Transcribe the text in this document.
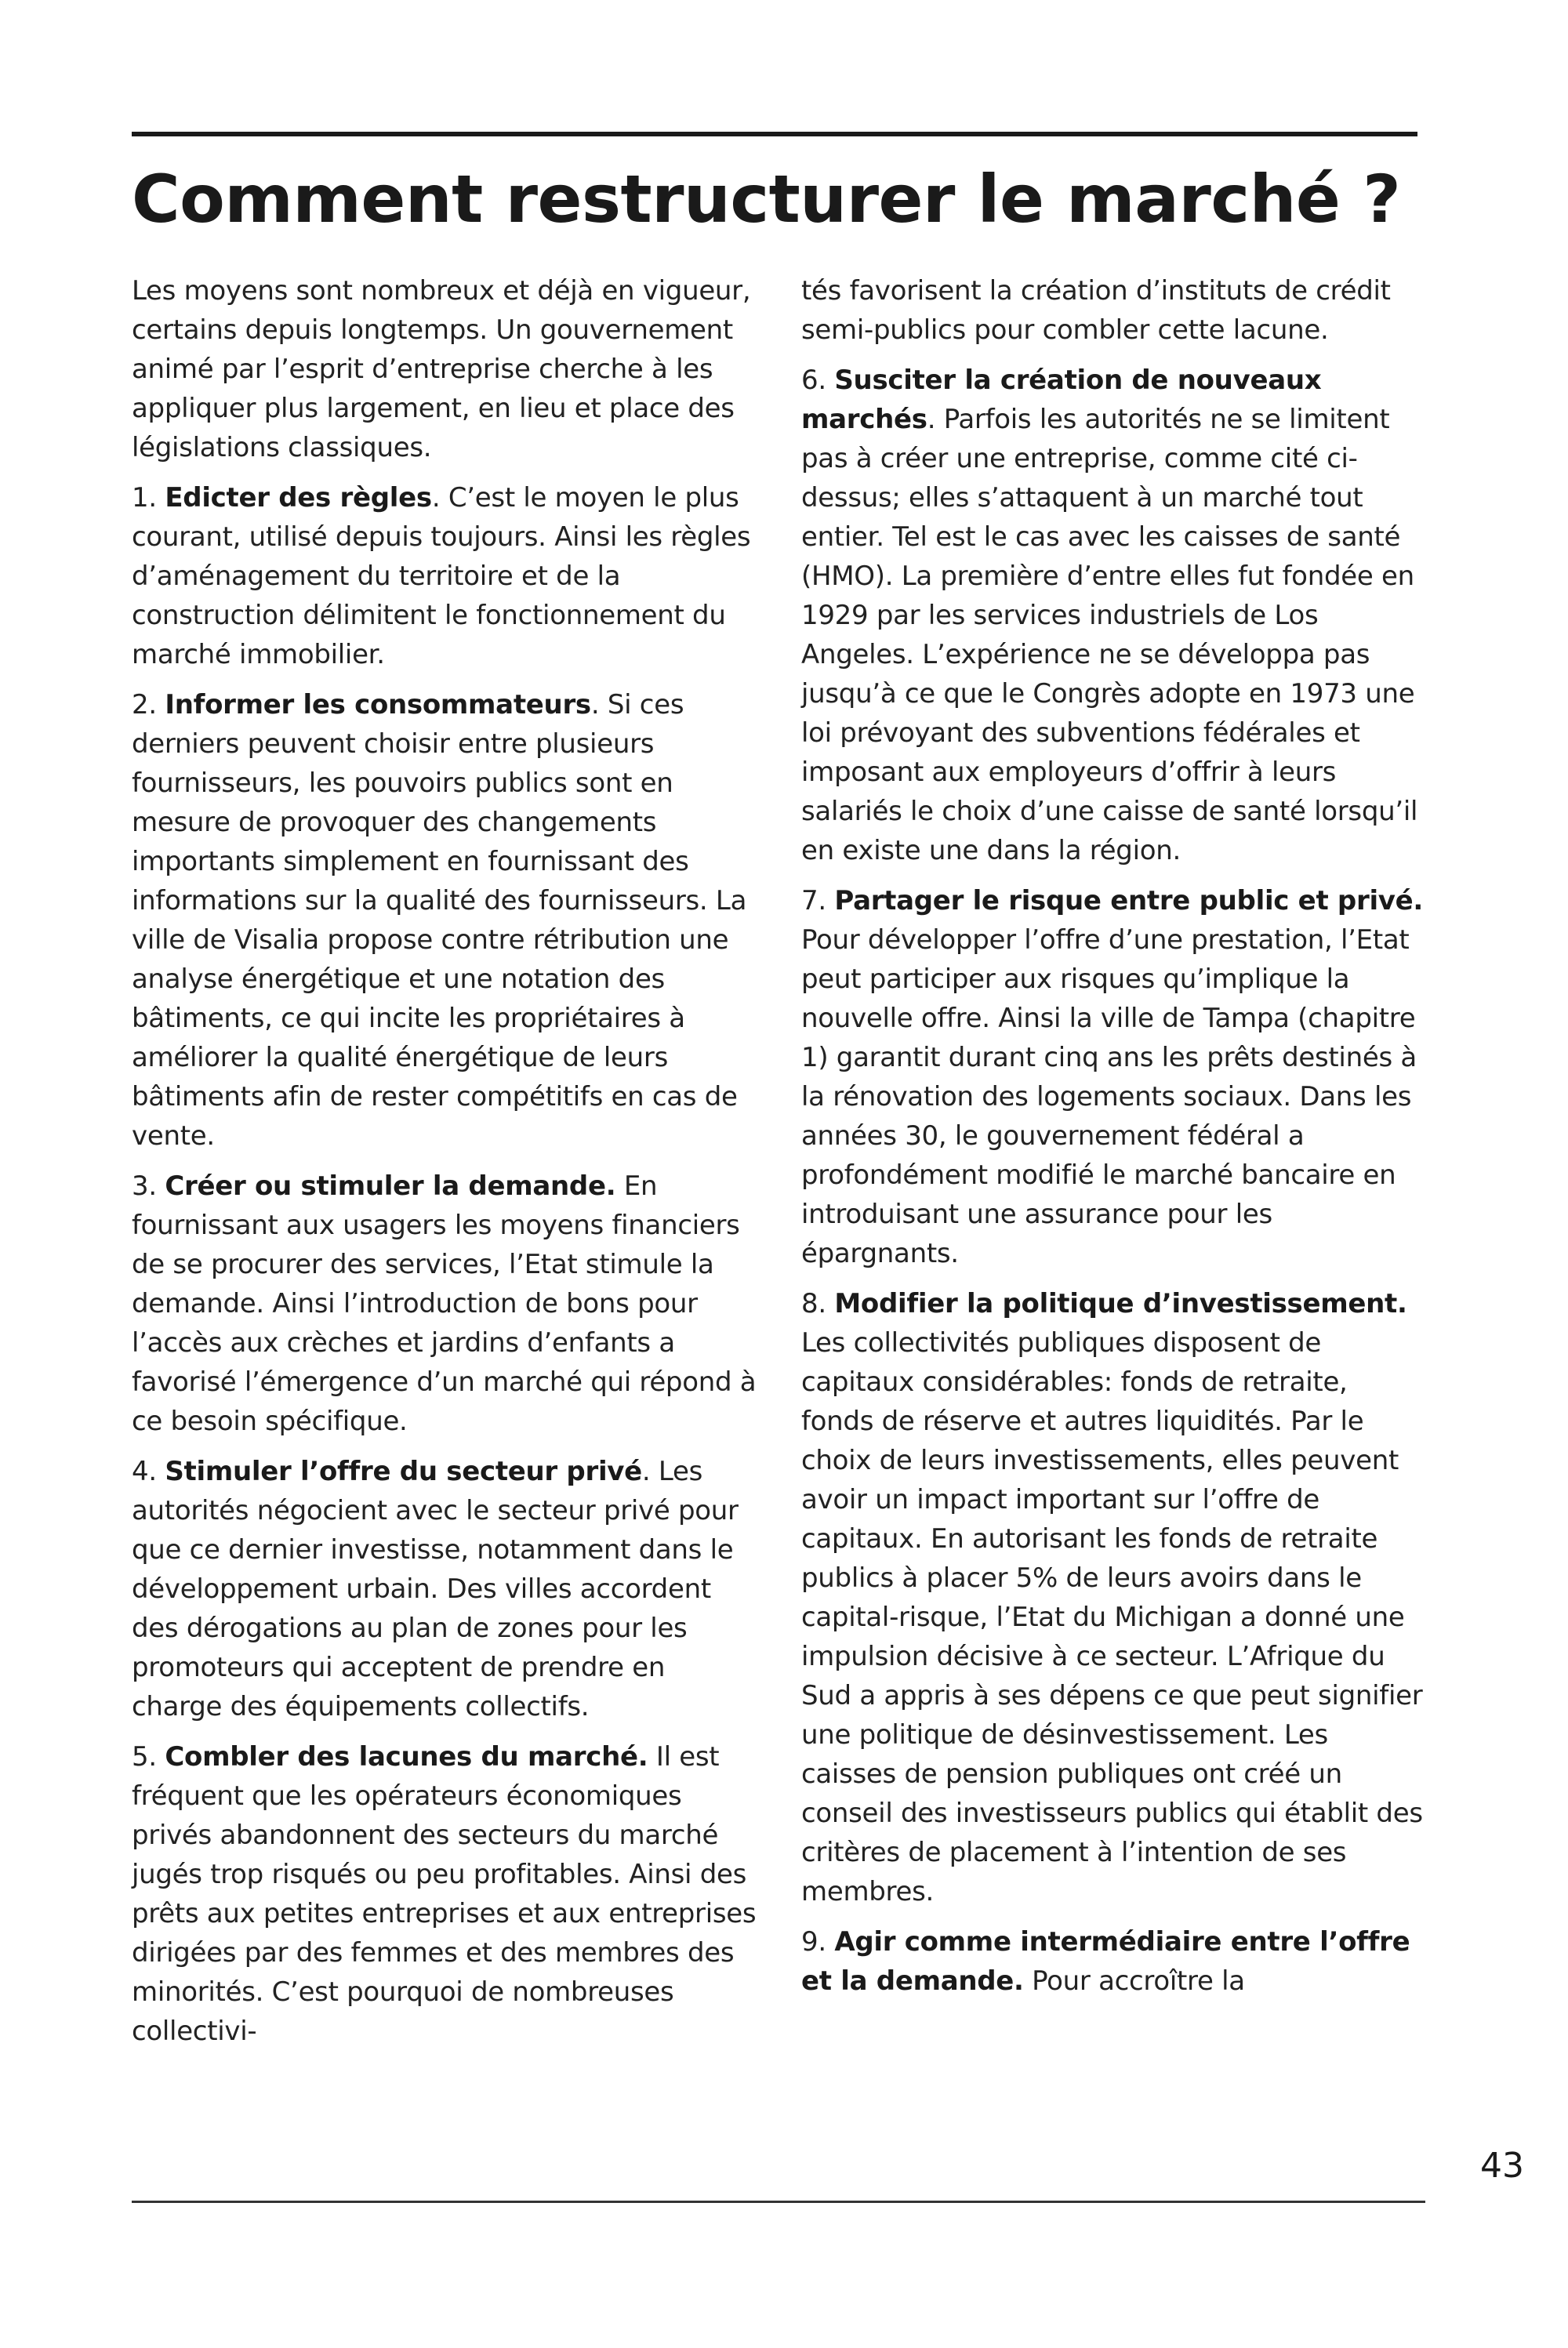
Comment restructurer le marché ?

Les moyens sont nombreux et déjà en vigueur, certains depuis longtemps. Un gouvernement animé par l’esprit d’entreprise cherche à les appliquer plus largement, en lieu et place des législations classiques.

1. Edicter des règles. C’est le moyen le plus courant, utilisé depuis toujours. Ainsi les règles d’aménagement du territoire et de la construction délimitent le fonctionnement du marché immobilier.

2. Informer les consommateurs. Si ces derniers peuvent choisir entre plusieurs fournisseurs, les pouvoirs publics sont en mesure de provoquer des changements importants simplement en fournissant des informations sur la qualité des fournisseurs. La ville de Visalia propose contre rétribution une analyse énergétique et une notation des bâtiments, ce qui incite les propriétaires à améliorer la qualité énergétique de leurs bâtiments afin de rester compétitifs en cas de vente.

3. Créer ou stimuler la demande. En fournissant aux usagers les moyens financiers de se procurer des services, l’Etat stimule la demande. Ainsi l’introduction de bons pour l’accès aux crèches et jardins d’enfants a favorisé l’émergence d’un marché qui répond à ce besoin spécifique.

4. Stimuler l’offre du secteur privé. Les autorités négocient avec le secteur privé pour que ce dernier investisse, notamment dans le développement urbain. Des villes accordent des dérogations au plan de zones pour les promoteurs qui acceptent de prendre en charge des équipements collectifs.

5. Combler des lacunes du marché. Il est fréquent que les opérateurs économiques privés abandonnent des secteurs du marché jugés trop risqués ou peu profitables. Ainsi des prêts aux petites entreprises et aux entreprises dirigées par des femmes et des membres des minorités. C’est pourquoi de nombreuses collectivi-

tés favorisent la création d’instituts de crédit semi-publics pour combler cette lacune.

6. Susciter la création de nouveaux marchés. Parfois les autorités ne se limitent pas à créer une entreprise, comme cité ci-dessus; elles s’attaquent à un marché tout entier. Tel est le cas avec les caisses de santé (HMO). La première d’entre elles fut fondée en 1929 par les services industriels de Los Angeles. L’expérience ne se développa pas jusqu’à ce que le Congrès adopte en 1973 une loi prévoyant des subventions fédérales et imposant aux employeurs d’offrir à leurs salariés le choix d’une caisse de santé lorsqu’il en existe une dans la région.

7. Partager le risque entre public et privé. Pour développer l’offre d’une prestation, l’Etat peut participer aux risques qu’implique la nouvelle offre. Ainsi la ville de Tampa (chapitre 1) garantit durant cinq ans les prêts destinés à la rénovation des logements sociaux. Dans les années 30, le gouvernement fédéral a profondément modifié le marché bancaire en introduisant une assurance pour les épargnants.

8. Modifier la politique d’investissement. Les collectivités publiques disposent de capitaux considérables: fonds de retraite, fonds de réserve et autres liquidités. Par le choix de leurs investissements, elles peuvent avoir un impact important sur l’offre de capitaux. En autorisant les fonds de retraite publics à placer 5% de leurs avoirs dans le capital-risque, l’Etat du Michigan a donné une impulsion décisive à ce secteur. L’Afrique du Sud a appris à ses dépens ce que peut signifier une politique de désinvestissement. Les caisses de pension publiques ont créé un conseil des investisseurs publics qui établit des critères de placement à l’intention de ses membres.

9. Agir comme intermédiaire entre l’offre et la demande. Pour accroître la

43
